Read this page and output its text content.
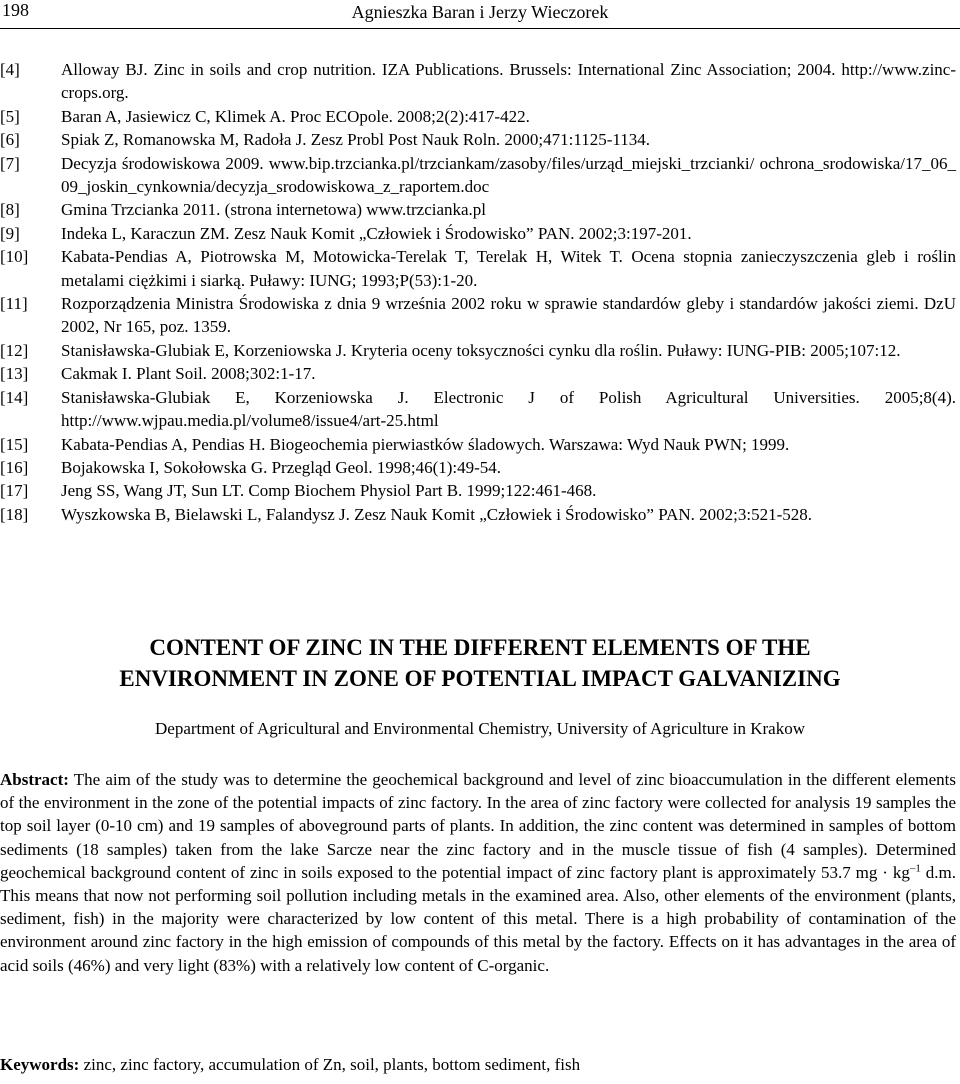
198	Agnieszka Baran i Jerzy Wieczorek
[4]	Alloway BJ. Zinc in soils and crop nutrition. IZA Publications. Brussels: International Zinc Association; 2004. http://www.zinc-crops.org.
[5]	Baran A, Jasiewicz C, Klimek A. Proc ECOpole. 2008;2(2):417-422.
[6]	Spiak Z, Romanowska M, Radoła J. Zesz Probl Post Nauk Roln. 2000;471:1125-1134.
[7]	Decyzja środowiskowa 2009. www.bip.trzcianka.pl/trzciankam/zasoby/files/urząd_miejski_trzcianki/ ochrona_srodowiska/17_06_09_joskin_cynkownia/decyzja_srodowiskowa_z_raportem.doc
[8]	Gmina Trzcianka 2011. (strona internetowa) www.trzcianka.pl
[9]	Indeka L, Karaczun ZM. Zesz Nauk Komit „Człowiek i Środowisko” PAN. 2002;3:197-201.
[10]	Kabata-Pendias A, Piotrowska M, Motowicka-Terelak T, Terelak H, Witek T. Ocena stopnia zanieczyszczenia gleb i roślin metalami ciężkimi i siarką. Puławy: IUNG; 1993;P(53):1-20.
[11]	Rozporządzenia Ministra Środowiska z dnia 9 września 2002 roku w sprawie standardów gleby i standardów jakości ziemi. DzU 2002, Nr 165, poz. 1359.
[12]	Stanisławska-Glubiak E, Korzeniowska J. Kryteria oceny toksyczności cynku dla roślin. Puławy: IUNG-PIB: 2005;107:12.
[13]	Cakmak I. Plant Soil. 2008;302:1-17.
[14]	Stanisławska-Glubiak E, Korzeniowska J. Electronic J of Polish Agricultural Universities. 2005;8(4). http://www.wjpau.media.pl/volume8/issue4/art-25.html
[15]	Kabata-Pendias A, Pendias H. Biogeochemia pierwiastków śladowych. Warszawa: Wyd Nauk PWN; 1999.
[16]	Bojakowska I, Sokołowska G. Przegląd Geol. 1998;46(1):49-54.
[17]	Jeng SS, Wang JT, Sun LT. Comp Biochem Physiol Part B. 1999;122:461-468.
[18]	Wyszkowska B, Bielawski L, Falandysz J. Zesz Nauk Komit „Człowiek i Środowisko” PAN. 2002;3:521-528.
CONTENT OF ZINC IN THE DIFFERENT ELEMENTS OF THE
ENVIRONMENT IN ZONE OF POTENTIAL IMPACT GALVANIZING
Department of Agricultural and Environmental Chemistry, University of Agriculture in Krakow
Abstract: The aim of the study was to determine the geochemical background and level of zinc bioaccumulation in the different elements of the environment in the zone of the potential impacts of zinc factory. In the area of zinc factory were collected for analysis 19 samples the top soil layer (0-10 cm) and 19 samples of aboveground parts of plants. In addition, the zinc content was determined in samples of bottom sediments (18 samples) taken from the lake Sarcze near the zinc factory and in the muscle tissue of fish (4 samples). Determined geochemical background content of zinc in soils exposed to the potential impact of zinc factory plant is approximately 53.7 mg · $kg^{-1}$ d.m. This means that now not performing soil pollution including metals in the examined area. Also, other elements of the environment (plants, sediment, fish) in the majority were characterized by low content of this metal. There is a high probability of contamination of the environment around zinc factory in the high emission of compounds of this metal by the factory. Effects on it has advantages in the area of acid soils (46%) and very light (83%) with a relatively low content of C-organic.
Keywords: zinc, zinc factory, accumulation of Zn, soil, plants, bottom sediment, fish
